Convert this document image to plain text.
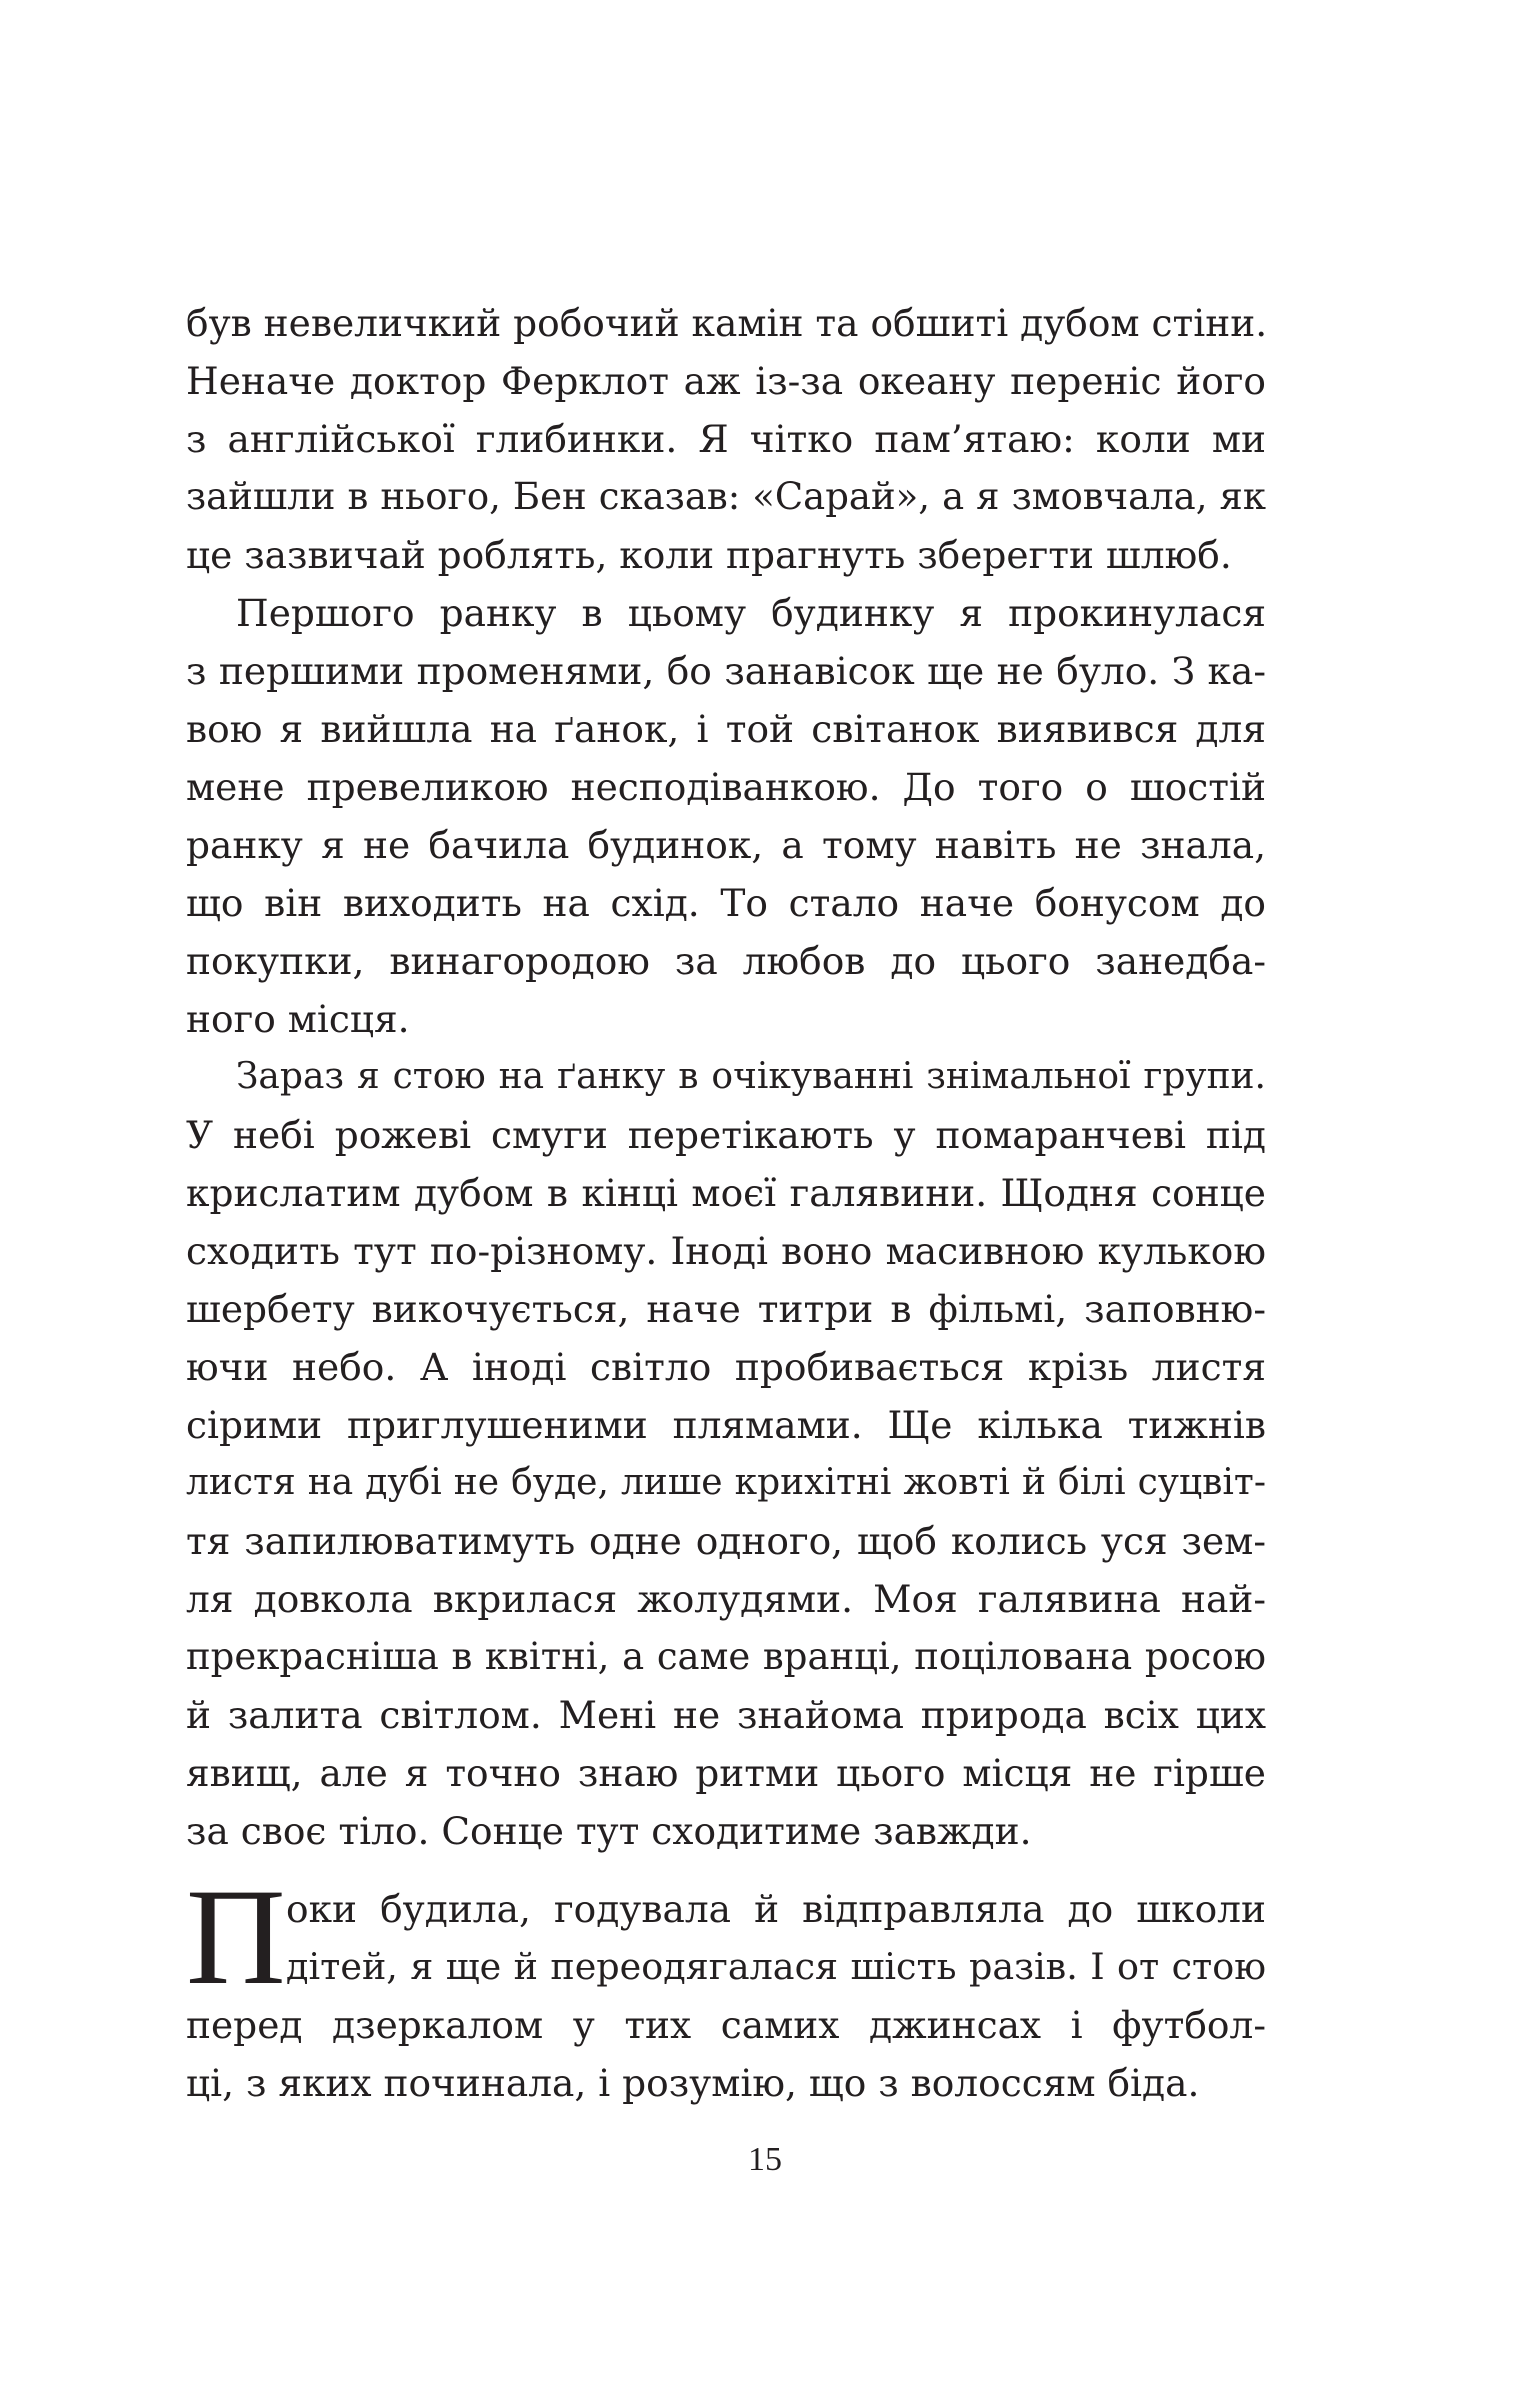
був невеличкий робочий камін та обшиті дубом стіни.
Неначе доктор Ферклот аж із-за океану переніс його
з англійської глибинки. Я чітко пам’ятаю: коли ми
зайшли в нього, Бен сказав: «Сарай», а я змовчала, як
це зазвичай роблять, коли прагнуть зберегти шлюб.
Першого ранку в цьому будинку я прокинулася
з першими променями, бо занавісок ще не було. З ка-
вою я вийшла на ґанок, і той світанок виявився для
мене превеликою несподіванкою. До того о шостій
ранку я не бачила будинок, а тому навіть не знала,
що він виходить на схід. То стало наче бонусом до
покупки, винагородою за любов до цього занедба-
ного місця.
Зараз я стою на ґанку в очікуванні знімальної групи.
У небі рожеві смуги перетікають у помаранчеві під
крислатим дубом в кінці моєї галявини. Щодня сонце
сходить тут по-різному. Іноді воно масивною кулькою
шербету викочується, наче титри в фільмі, заповню-
ючи небо. А іноді світло пробивається крізь листя
сірими приглушеними плямами. Ще кілька тижнів
листя на дубі не буде, лише крихітні жовті й білі суцвіт-
тя запилюватимуть одне одного, щоб колись уся зем-
ля довкола вкрилася жолудями. Моя галявина най-
прекрасніша в квітні, а саме вранці, поцілована росою
й залита світлом. Мені не знайома природа всіх цих
явищ, але я точно знаю ритми цього місця не гірше
за своє тіло. Сонце тут сходитиме завжди.
П оки будила, годувала й відправляла до школи
дітей, я ще й переодягалася шість разів. І от стою
перед дзеркалом у тих самих джинсах і футбол-
ці, з яких починала, і розумію, що з волоссям біда.
15
